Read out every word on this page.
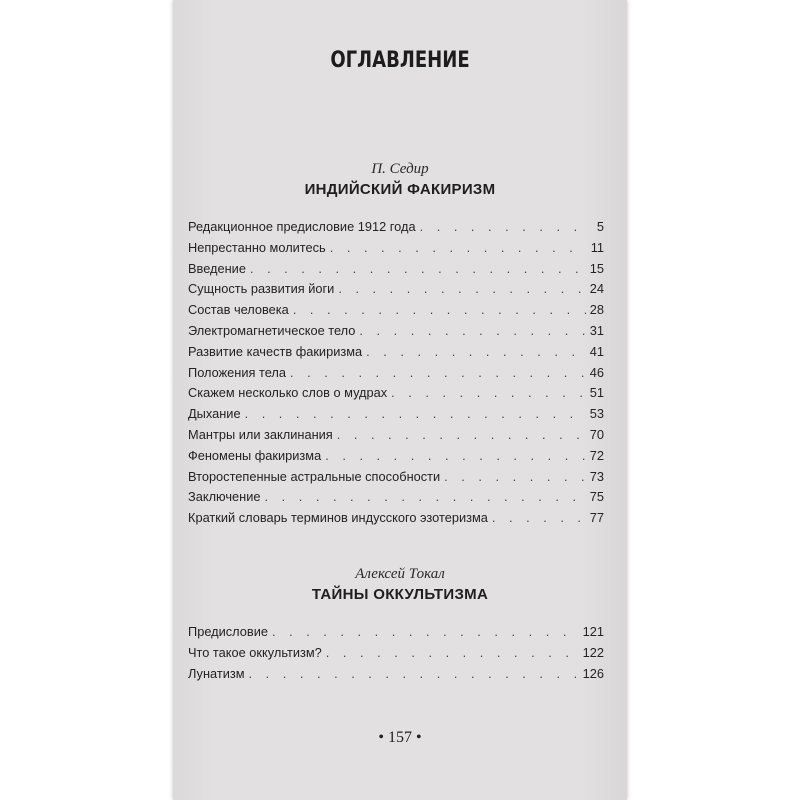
ОГЛАВЛЕНИЕ
П. Седир
ИНДИЙСКИЙ ФАКИРИЗМ
Редакционное предисловие 1912 года . . .	5
Непрестанно молитесь . . .	11
Введение . . .	15
Сущность развития йоги . . .	24
Состав человека . . .	28
Электромагнетическое тело . . .	31
Развитие качеств факиризма . . .	41
Положения тела . . .	46
Скажем несколько слов о мудрах . . .	51
Дыхание . . .	53
Мантры или заклинания . . .	70
Феномены факиризма . . .	72
Второстепенные астральные способности . . .	73
Заключение . . .	75
Краткий словарь терминов индусского эзотеризма . . .	77
Алексей Токал
ТАЙНЫ ОККУЛЬТИЗМА
Предисловие . . .	121
Что такое оккультизм? . . .	122
Лунатизм . . .	126
• 157 •
